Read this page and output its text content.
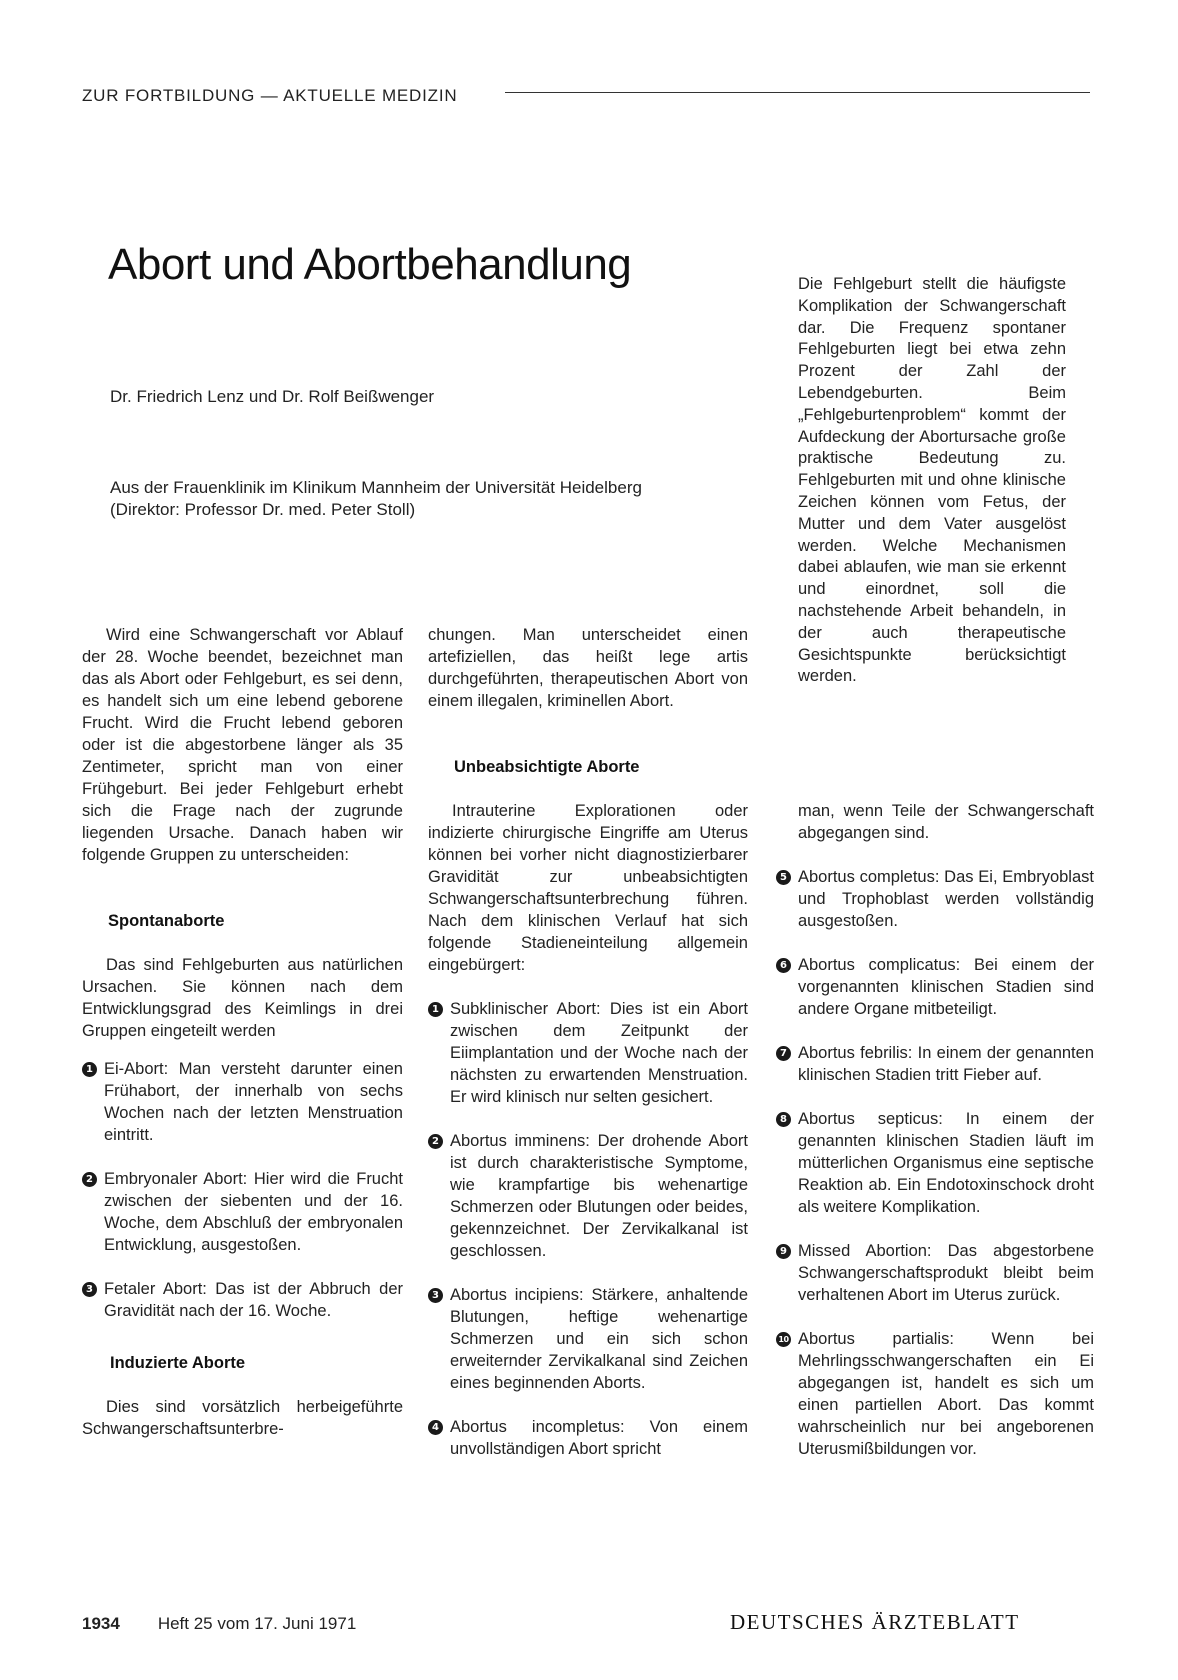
ZUR FORTBILDUNG — AKTUELLE MEDIZIN
Abort und Abortbehandlung
Dr. Friedrich Lenz und Dr. Rolf Beißwenger
Aus der Frauenklinik im Klinikum Mannheim der Universität Heidelberg
(Direktor: Professor Dr. med. Peter Stoll)

Die Fehlgeburt stellt die häufigste Komplikation der Schwangerschaft dar. Die Frequenz spontaner Fehlgeburten liegt bei etwa zehn Prozent der Zahl der Lebendgeburten. Beim „Fehlgeburtenproblem“ kommt der Aufdeckung der Abortursache große praktische Bedeutung zu. Fehlgeburten mit und ohne klinische Zeichen können vom Fetus, der Mutter und dem Vater ausgelöst werden. Welche Mechanismen dabei ablaufen, wie man sie erkennt und einordnet, soll die nachstehende Arbeit behandeln, in der auch therapeutische Gesichtspunkte berücksichtigt werden.

Wird eine Schwangerschaft vor Ablauf der 28. Woche beendet, bezeichnet man das als Abort oder Fehlgeburt, es sei denn, es handelt sich um eine lebend geborene Frucht. Wird die Frucht lebend geboren oder ist die abgestorbene länger als 35 Zentimeter, spricht man von einer Frühgeburt. Bei jeder Fehlgeburt erhebt sich die Frage nach der zugrunde liegenden Ursache. Danach haben wir folgende Gruppen zu unterscheiden:

Spontanaborte

Das sind Fehlgeburten aus natürlichen Ursachen. Sie können nach dem Entwicklungsgrad des Keimlings in drei Gruppen eingeteilt werden

1 Ei-Abort: Man versteht darunter einen Frühabort, der innerhalb von sechs Wochen nach der letzten Menstruation eintritt.
2 Embryonaler Abort: Hier wird die Frucht zwischen der siebenten und der 16. Woche, dem Abschluß der embryonalen Entwicklung, ausgestoßen.
3 Fetaler Abort: Das ist der Abbruch der Gravidität nach der 16. Woche.
Induzierte Aborte

Dies sind vorsätzlich herbeigeführte Schwangerschaftsunterbre-

chungen. Man unterscheidet einen artefiziellen, das heißt lege artis durchgeführten, therapeutischen Abort von einem illegalen, kriminellen Abort.

Unbeabsichtigte Aborte

Intrauterine Explorationen oder indizierte chirurgische Eingriffe am Uterus können bei vorher nicht diagnostizierbarer Gravidität zur unbeabsichtigten Schwangerschaftsunterbrechung führen. Nach dem klinischen Verlauf hat sich folgende Stadieneinteilung allgemein eingebürgert:

1 Subklinischer Abort: Dies ist ein Abort zwischen dem Zeitpunkt der Eiimplantation und der Woche nach der nächsten zu erwartenden Menstruation. Er wird klinisch nur selten gesichert.
2 Abortus imminens: Der drohende Abort ist durch charakteristische Symptome, wie krampfartige bis wehenartige Schmerzen oder Blutungen oder beides, gekennzeichnet. Der Zervikalkanal ist geschlossen.
3 Abortus incipiens: Stärkere, anhaltende Blutungen, heftige wehenartige Schmerzen und ein sich schon erweiternder Zervikalkanal sind Zeichen eines beginnenden Aborts.
4 Abortus incompletus: Von einem unvollständigen Abort spricht

man, wenn Teile der Schwangerschaft abgegangen sind.

5 Abortus completus: Das Ei, Embryoblast und Trophoblast werden vollständig ausgestoßen.
6 Abortus complicatus: Bei einem der vorgenannten klinischen Stadien sind andere Organe mitbeteiligt.
7 Abortus febrilis: In einem der genannten klinischen Stadien tritt Fieber auf.
8 Abortus septicus: In einem der genannten klinischen Stadien läuft im mütterlichen Organismus eine septische Reaktion ab. Ein Endotoxinschock droht als weitere Komplikation.
9 Missed Abortion: Das abgestorbene Schwangerschaftsprodukt bleibt beim verhaltenen Abort im Uterus zurück.
10 Abortus partialis: Wenn bei Mehrlingsschwangerschaften ein Ei abgegangen ist, handelt es sich um einen partiellen Abort. Das kommt wahrscheinlich nur bei angeborenen Uterusmißbildungen vor.
1934 Heft 25 vom 17. Juni 1971	DEUTSCHES ÄRZTEBLATT
